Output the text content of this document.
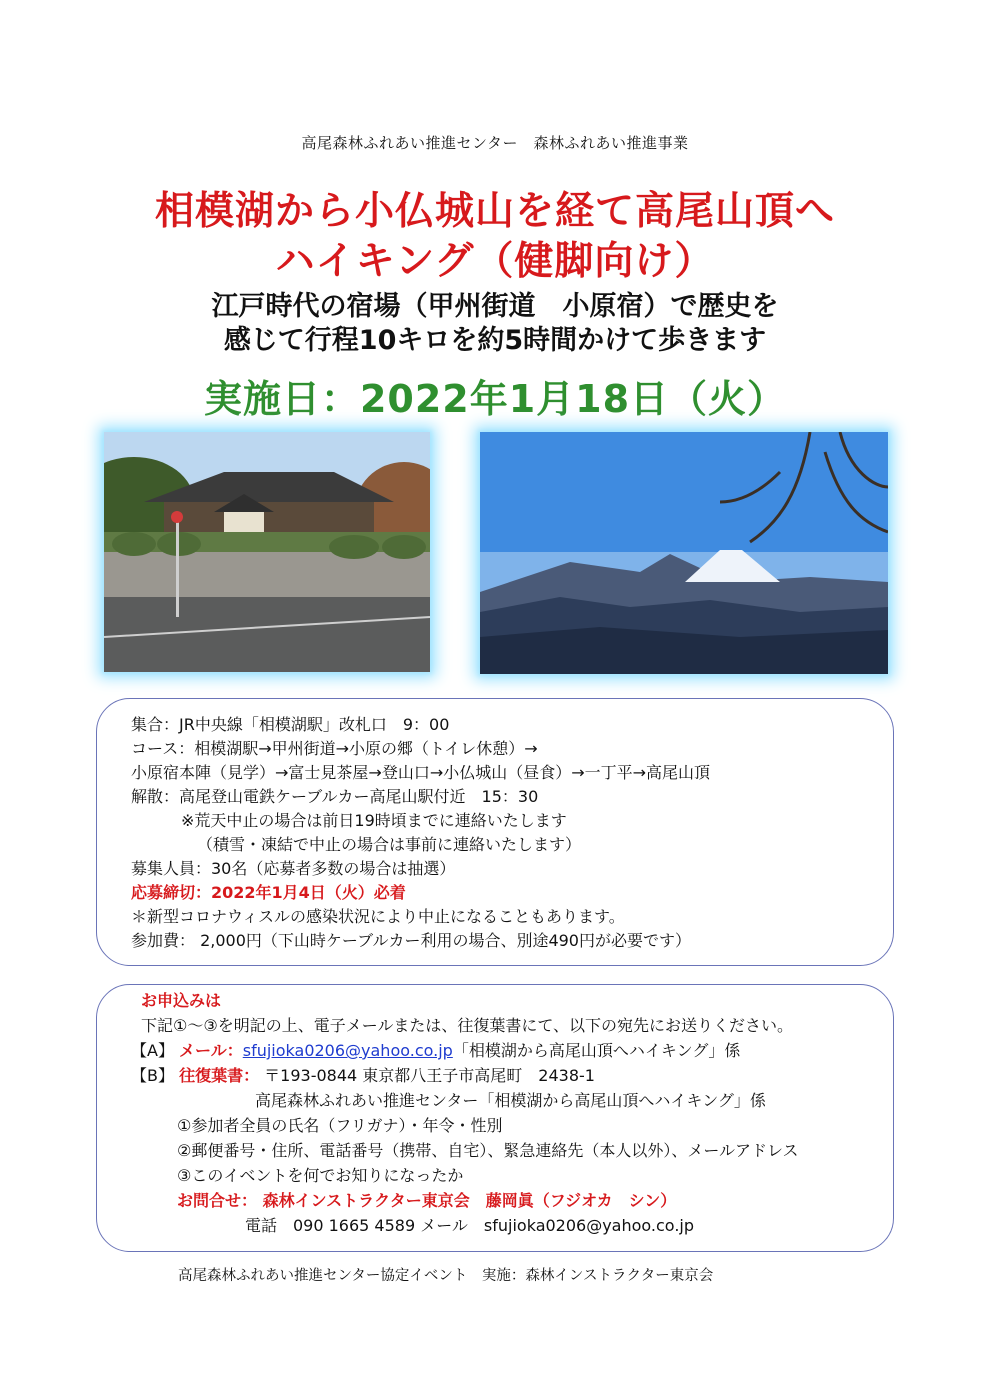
高尾森林ふれあい推進センター　森林ふれあい推進事業
相模湖から小仏城山を経て高尾山頂へ
ハイキング（健脚向け）
江戸時代の宿場（甲州街道　小原宿）で歴史を
感じて行程10キロを約5時間かけて歩きます
実施日：2022年1月18日（火）
集合：JR中央線「相模湖駅」改札口　9：00
コース：相模湖駅→甲州街道→小原の郷（トイレ休憩）→
小原宿本陣（見学）→富士見茶屋→登山口→小仏城山（昼食）→一丁平→高尾山頂
解散：高尾登山電鉄ケーブルカー高尾山駅付近　15：30
※荒天中止の場合は前日19時頃までに連絡いたします
（積雪・凍結で中止の場合は事前に連絡いたします）
募集人員：30名（応募者多数の場合は抽選）
応募締切：2022年1月4日（火）必着
＊新型コロナウィスルの感染状況により中止になることもあります。
参加費： 2,000円（下山時ケーブルカー利用の場合、別途490円が必要です）
お申込みは
下記①～③を明記の上、電子メールまたは、往復葉書にて、以下の宛先にお送りください。
【A】 メール：sfujioka0206@yahoo.co.jp「相模湖から高尾山頂へハイキング」係
【B】 往復葉書： 〒193-0844 東京都八王子市高尾町　2438-1
高尾森林ふれあい推進センター「相模湖から高尾山頂へハイキング」係
①参加者全員の氏名（フリガナ）・年令・性別
②郵便番号・住所、電話番号（携帯、自宅）、緊急連絡先（本人以外）、メールアドレス
③このイベントを何でお知りになったか
お問合せ： 森林インストラクター東京会　藤岡眞（フジオカ　シン）
電話　090 1665 4589 メール　sfujioka0206@yahoo.co.jp
高尾森林ふれあい推進センター協定イベント　実施：森林インストラクター東京会
